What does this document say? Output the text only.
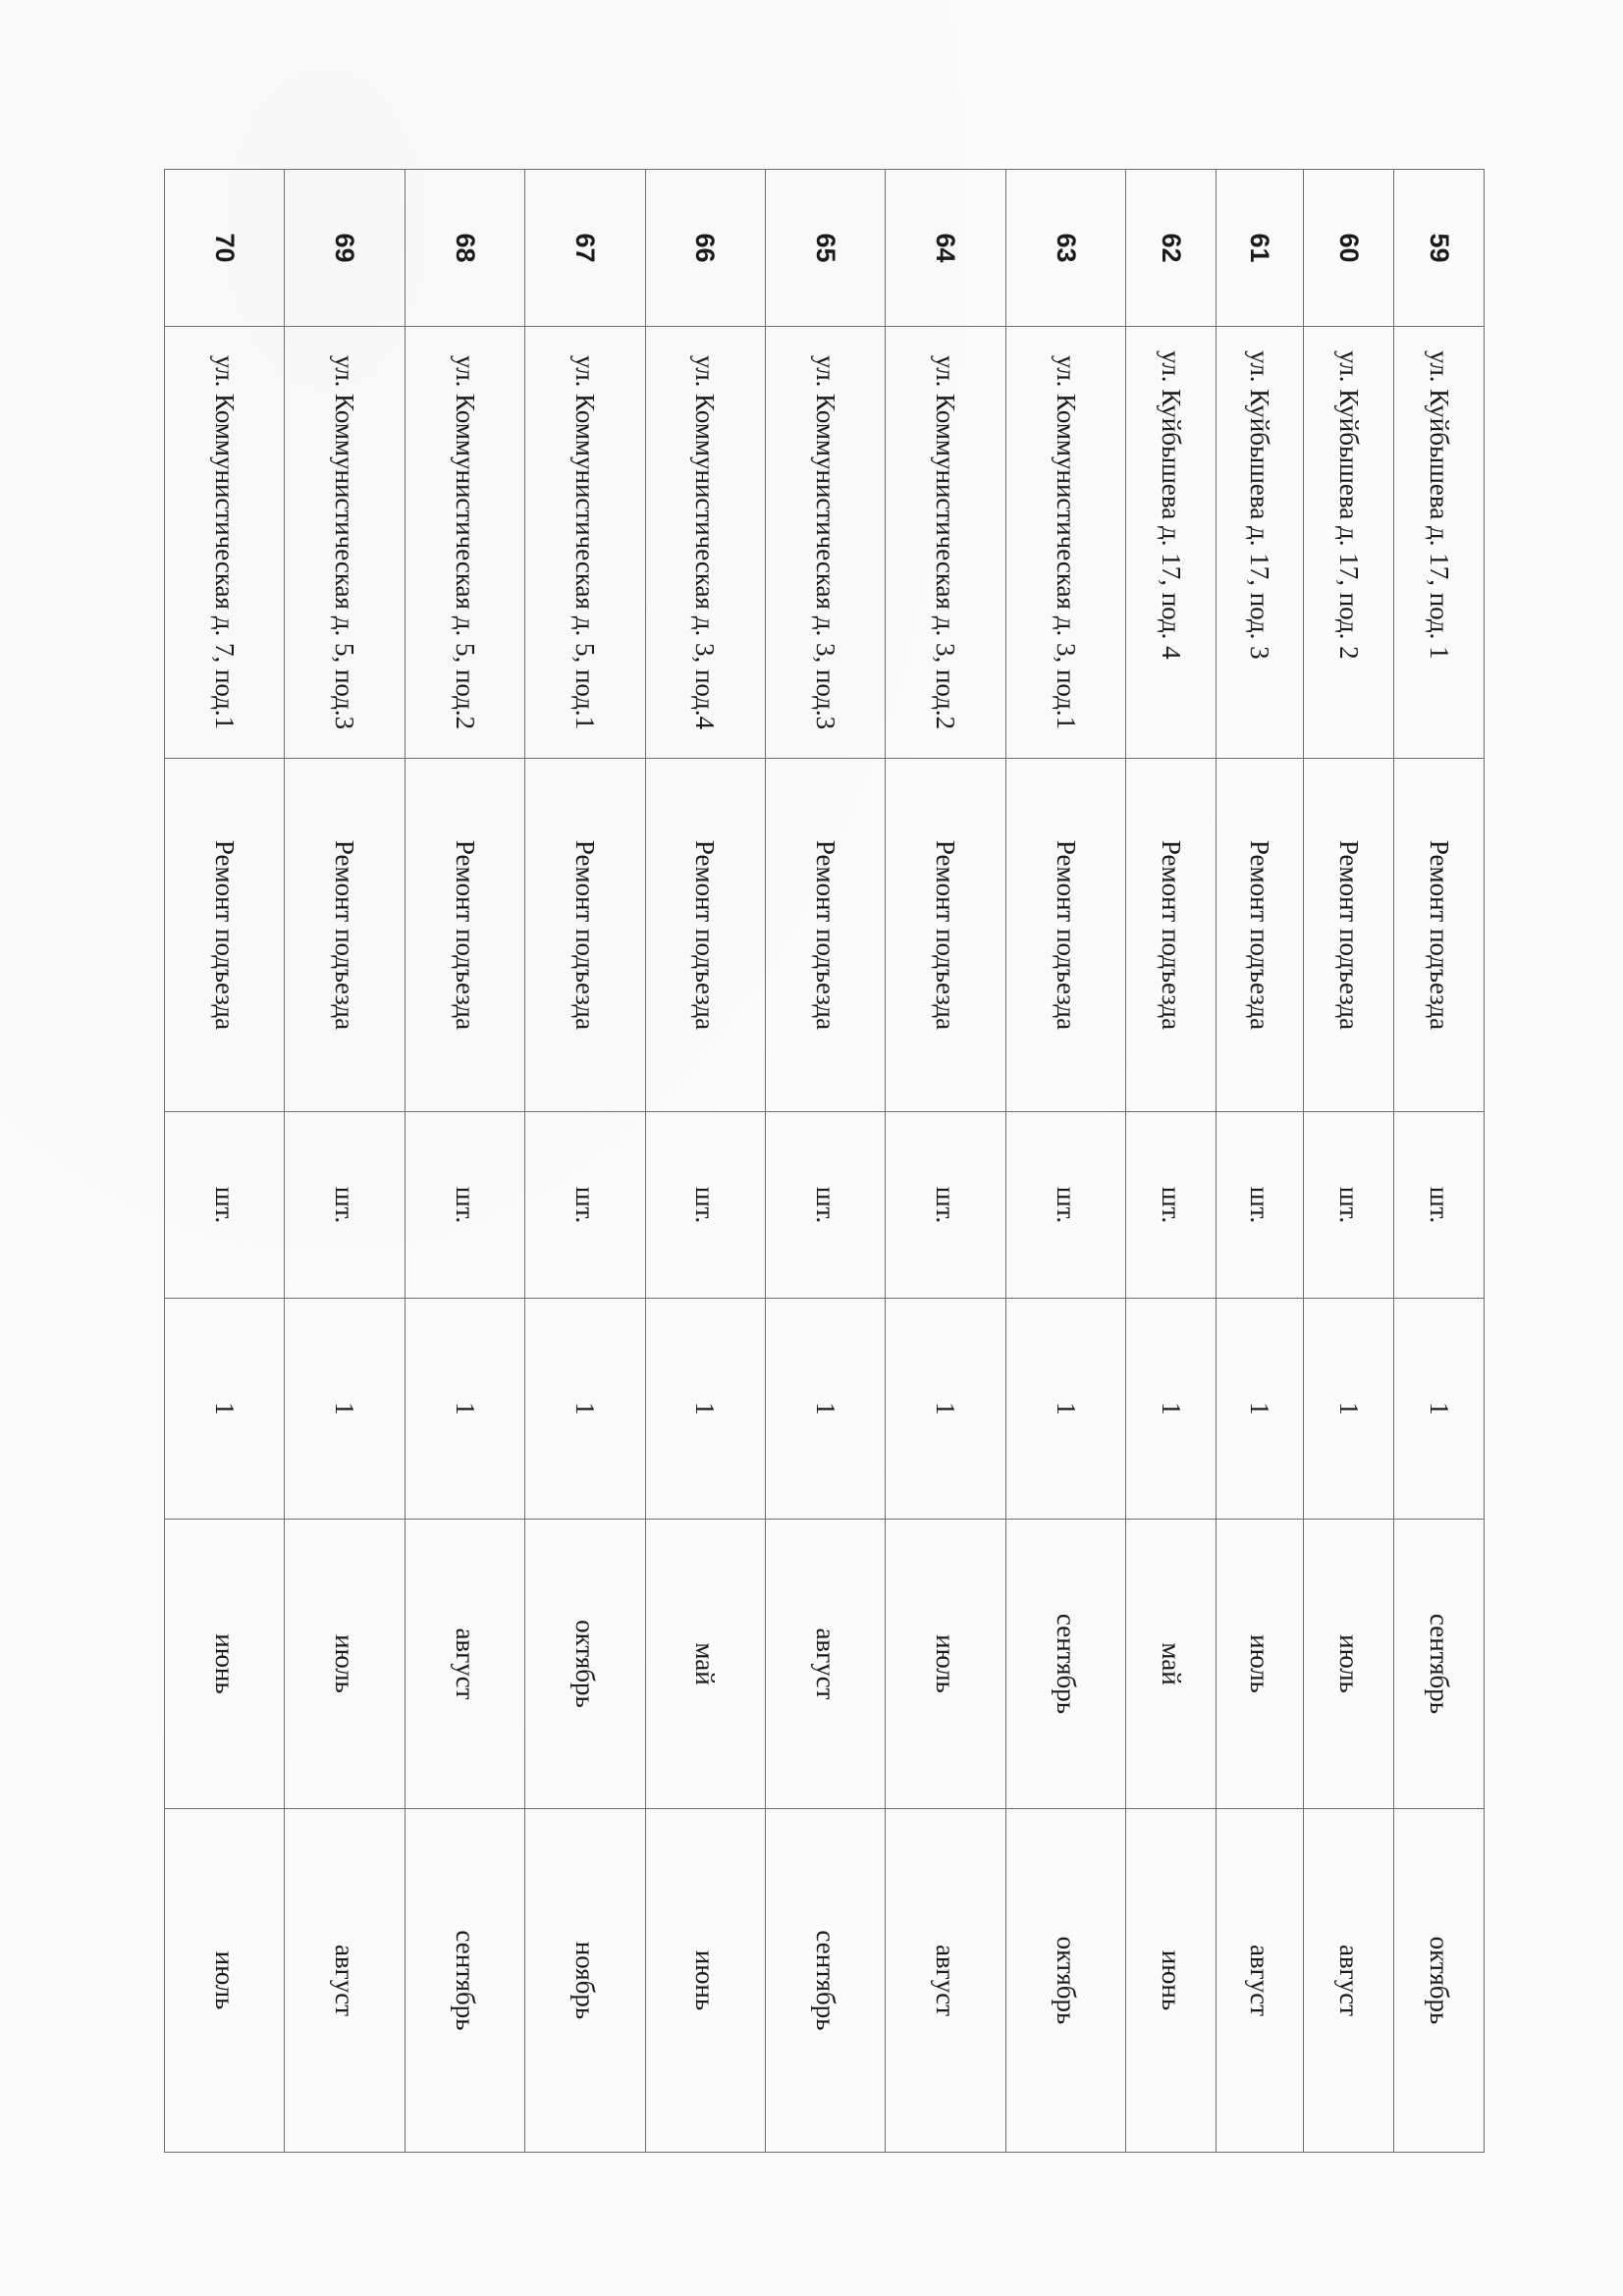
59	ул. Куйбышева д. 17, под. 1	Ремонт подъезда	шт.	1	сентябрь	октябрь
60	ул. Куйбышева д. 17, под. 2	Ремонт подъезда	шт.	1	июль	август
61	ул. Куйбышева д. 17, под. 3	Ремонт подъезда	шт.	1	июль	август
62	ул. Куйбышева д. 17, под. 4	Ремонт подъезда	шт.	1	май	июнь
63	ул. Коммунистическая д. 3, под.1	Ремонт подъезда	шт.	1	сентябрь	октябрь
64	ул. Коммунистическая д. 3, под.2	Ремонт подъезда	шт.	1	июль	август
65	ул. Коммунистическая д. 3, под.3	Ремонт подъезда	шт.	1	август	сентябрь
66	ул. Коммунистическая д. 3, под.4	Ремонт подъезда	шт.	1	май	июнь
67	ул. Коммунистическая д. 5, под.1	Ремонт подъезда	шт.	1	октябрь	ноябрь
68	ул. Коммунистическая д. 5, под.2	Ремонт подъезда	шт.	1	август	сентябрь
69	ул. Коммунистическая д. 5, под.3	Ремонт подъезда	шт.	1	июль	август
70	ул. Коммунистическая д. 7, под.1	Ремонт подъезда	шт.	1	июнь	июль
